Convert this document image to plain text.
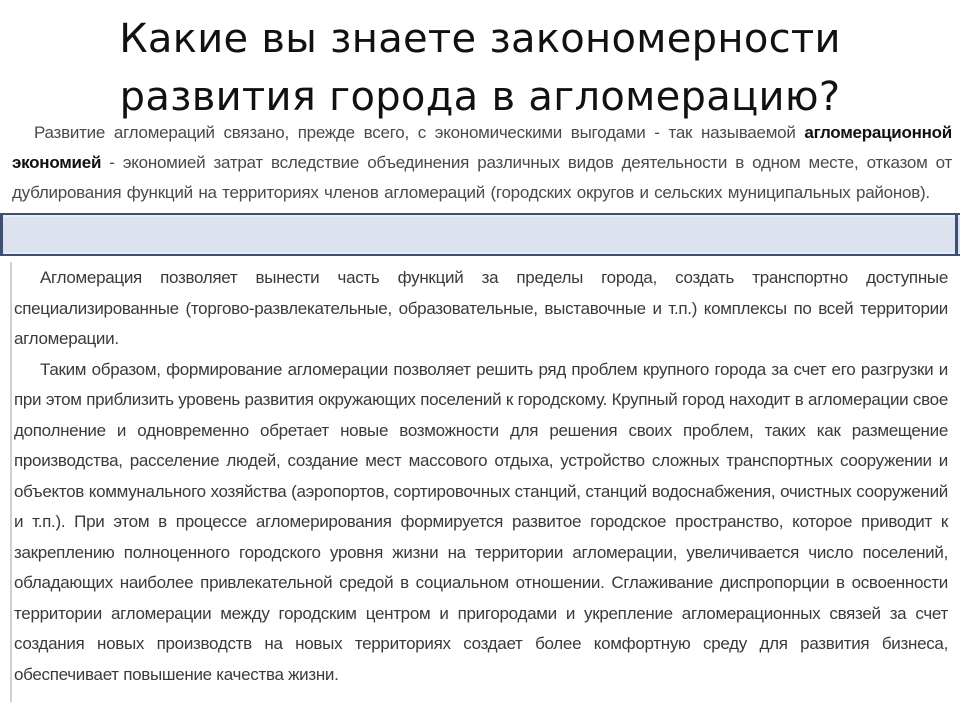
Какие вы знаете закономерности
развития города в агломерацию?
Развитие агломераций связано, прежде всего, с экономическими выгодами - так называемой агломерационной экономией - экономией затрат вследствие объединения различных видов деятельности в одном месте, отказом от дублирования функций на территориях членов агломераций (городских округов и сельских муниципальных районов).

Агломерация позволяет вынести часть функций за пределы города, создать транспортно доступные специализированные (торгово-развлекательные, образовательные, выставочные и т.п.) комплексы по всей территории агломерации.

Таким образом, формирование агломерации позволяет решить ряд проблем крупного города за счет его разгрузки и при этом приблизить уровень развития окружающих поселений к городскому. Крупный город находит в агломерации свое дополнение и одновременно обретает новые возможности для решения своих проблем, таких как размещение производства, расселение людей, создание мест массового отдыха, устройство сложных транспортных сооружении и объектов коммунального хозяйства (аэропортов, сортировочных станций, станций водоснабжения, очистных сооружений и т.п.). При этом в процессе агломерирования формируется развитое городское пространство, которое приводит к закреплению полноценного городского уровня жизни на территории агломерации, увеличивается число поселений, обладающих наиболее привлекательной средой в социальном отношении. Сглаживание диспропорции в освоенности территории агломерации между городским центром и пригородами и укрепление агломерационных связей за счет создания новых производств на новых территориях создает более комфортную среду для развития бизнеса, обеспечивает повышение качества жизни.
